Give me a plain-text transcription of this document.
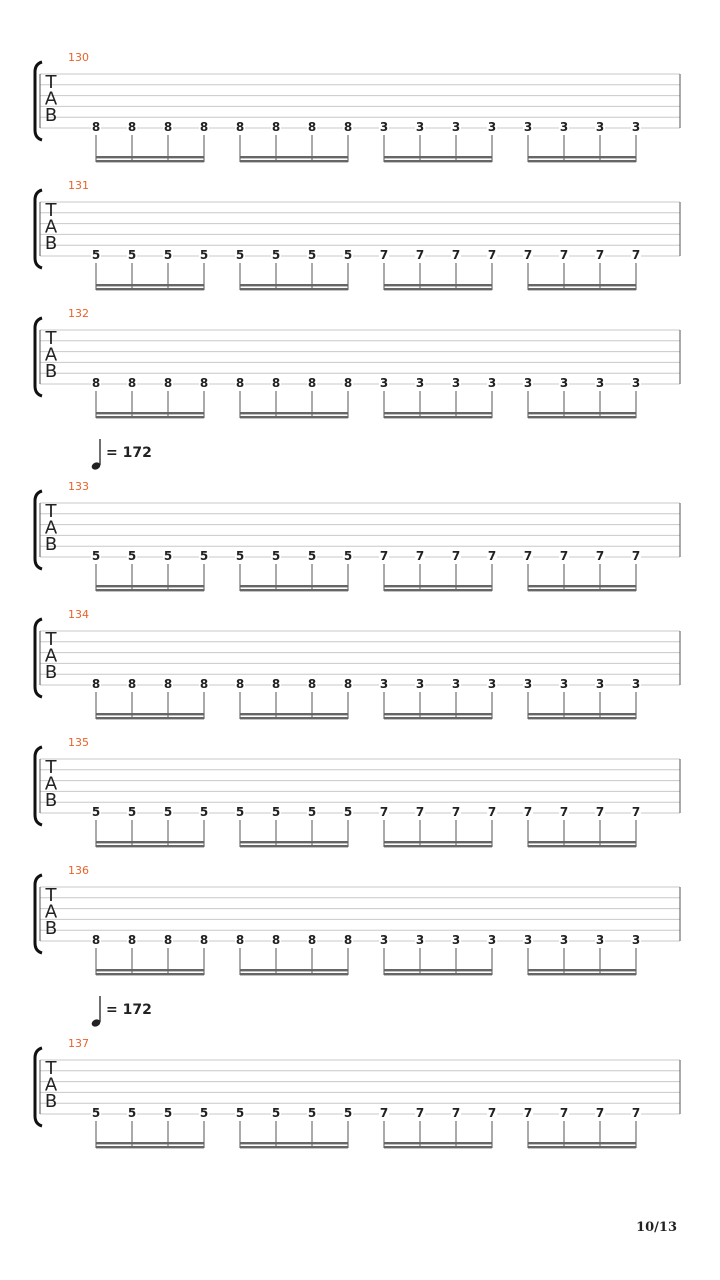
T
A
B
130
8 8 8 8 8 8 8 8 3 3 3 3 3 3 3 3
T
A
B
131
5 5 5 5 5 5 5 5 7 7 7 7 7 7 7 7
T
A
B
132
8 8 8 8 8 8 8 8 3 3 3 3 3 3 3 3
T
A
B
133
= 172
5 5 5 5 5 5 5 5 7 7 7 7 7 7 7 7
T
A
B
134
8 8 8 8 8 8 8 8 3 3 3 3 3 3 3 3
T
A
B
135
5 5 5 5 5 5 5 5 7 7 7 7 7 7 7 7
T
A
B
136
8 8 8 8 8 8 8 8 3 3 3 3 3 3 3 3
T
A
B
137
= 172
5 5 5 5 5 5 5 5 7 7 7 7 7 7 7 7
10/13
